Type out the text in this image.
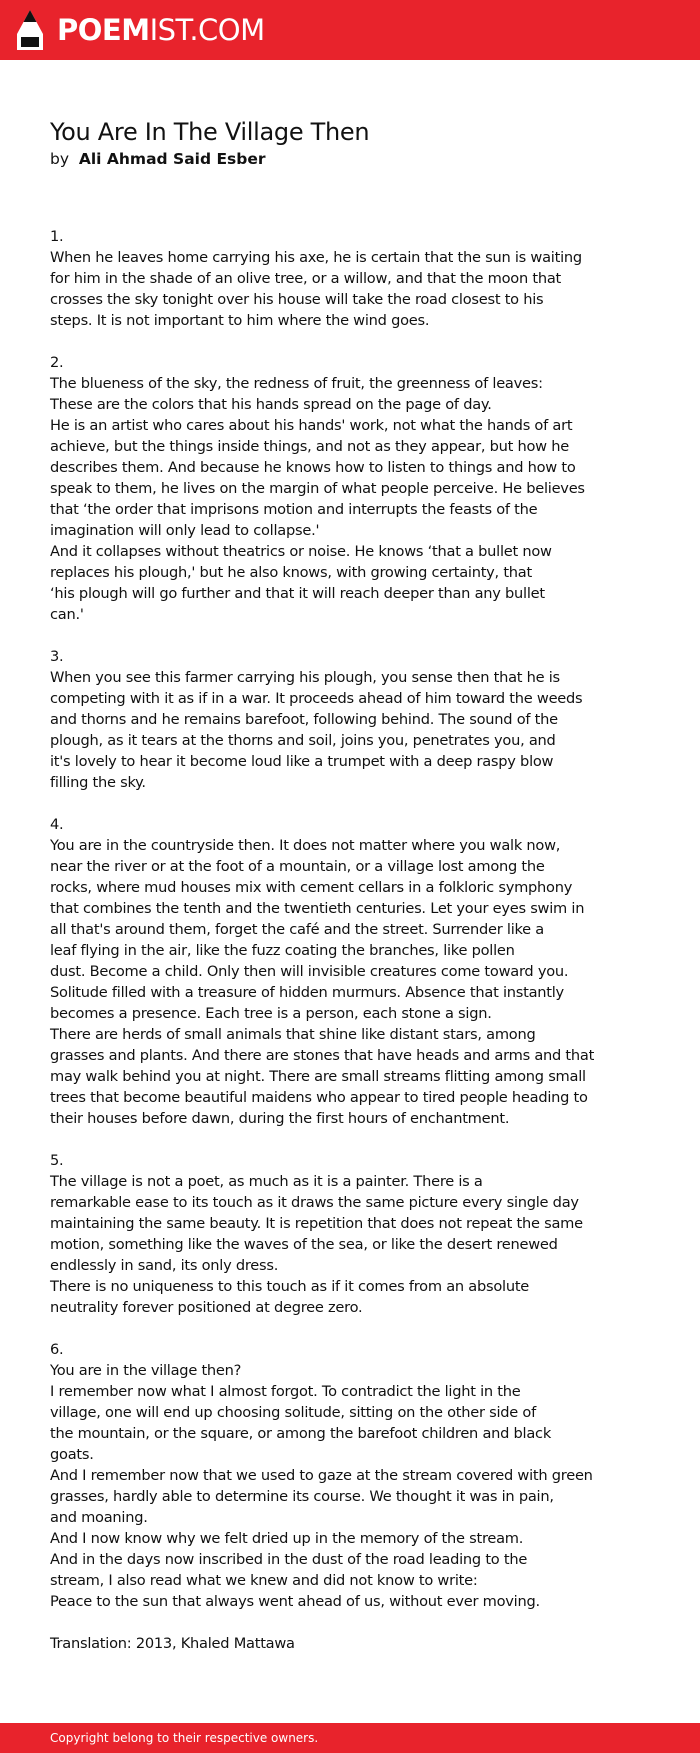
POEMIST.COM
You Are In The Village Then

by Ali Ahmad Said Esber

1.
When he leaves home carrying his axe, he is certain that the sun is waiting
for him in the shade of an olive tree, or a willow, and that the moon that
crosses the sky tonight over his house will take the road closest to his
steps. It is not important to him where the wind goes.

2.
The blueness of the sky, the redness of fruit, the greenness of leaves:
These are the colors that his hands spread on the page of day.
He is an artist who cares about his hands' work, not what the hands of art
achieve, but the things inside things, and not as they appear, but how he
describes them. And because he knows how to listen to things and how to
speak to them, he lives on the margin of what people perceive. He believes
that ‘the order that imprisons motion and interrupts the feasts of the
imagination will only lead to collapse.'
And it collapses without theatrics or noise. He knows ‘that a bullet now
replaces his plough,' but he also knows, with growing certainty, that
‘his plough will go further and that it will reach deeper than any bullet
can.'

3.
When you see this farmer carrying his plough, you sense then that he is
competing with it as if in a war. It proceeds ahead of him toward the weeds
and thorns and he remains barefoot, following behind. The sound of the
plough, as it tears at the thorns and soil, joins you, penetrates you, and
it's lovely to hear it become loud like a trumpet with a deep raspy blow
filling the sky.

4.
You are in the countryside then. It does not matter where you walk now,
near the river or at the foot of a mountain, or a village lost among the
rocks, where mud houses mix with cement cellars in a folkloric symphony
that combines the tenth and the twentieth centuries. Let your eyes swim in
all that's around them, forget the café and the street. Surrender like a
leaf flying in the air, like the fuzz coating the branches, like pollen
dust. Become a child. Only then will invisible creatures come toward you.
Solitude filled with a treasure of hidden murmurs. Absence that instantly
becomes a presence. Each tree is a person, each stone a sign.
There are herds of small animals that shine like distant stars, among
grasses and plants. And there are stones that have heads and arms and that
may walk behind you at night. There are small streams flitting among small
trees that become beautiful maidens who appear to tired people heading to
their houses before dawn, during the first hours of enchantment.

5.
The village is not a poet, as much as it is a painter. There is a
remarkable ease to its touch as it draws the same picture every single day
maintaining the same beauty. It is repetition that does not repeat the same
motion, something like the waves of the sea, or like the desert renewed
endlessly in sand, its only dress.
There is no uniqueness to this touch as if it comes from an absolute
neutrality forever positioned at degree zero.

6.
You are in the village then?
I remember now what I almost forgot. To contradict the light in the
village, one will end up choosing solitude, sitting on the other side of
the mountain, or the square, or among the barefoot children and black
goats.
And I remember now that we used to gaze at the stream covered with green
grasses, hardly able to determine its course. We thought it was in pain,
and moaning.
And I now know why we felt dried up in the memory of the stream.
And in the days now inscribed in the dust of the road leading to the
stream, I also read what we knew and did not know to write:
Peace to the sun that always went ahead of us, without ever moving.

Translation: 2013, Khaled Mattawa

Copyright belong to their respective owners.
